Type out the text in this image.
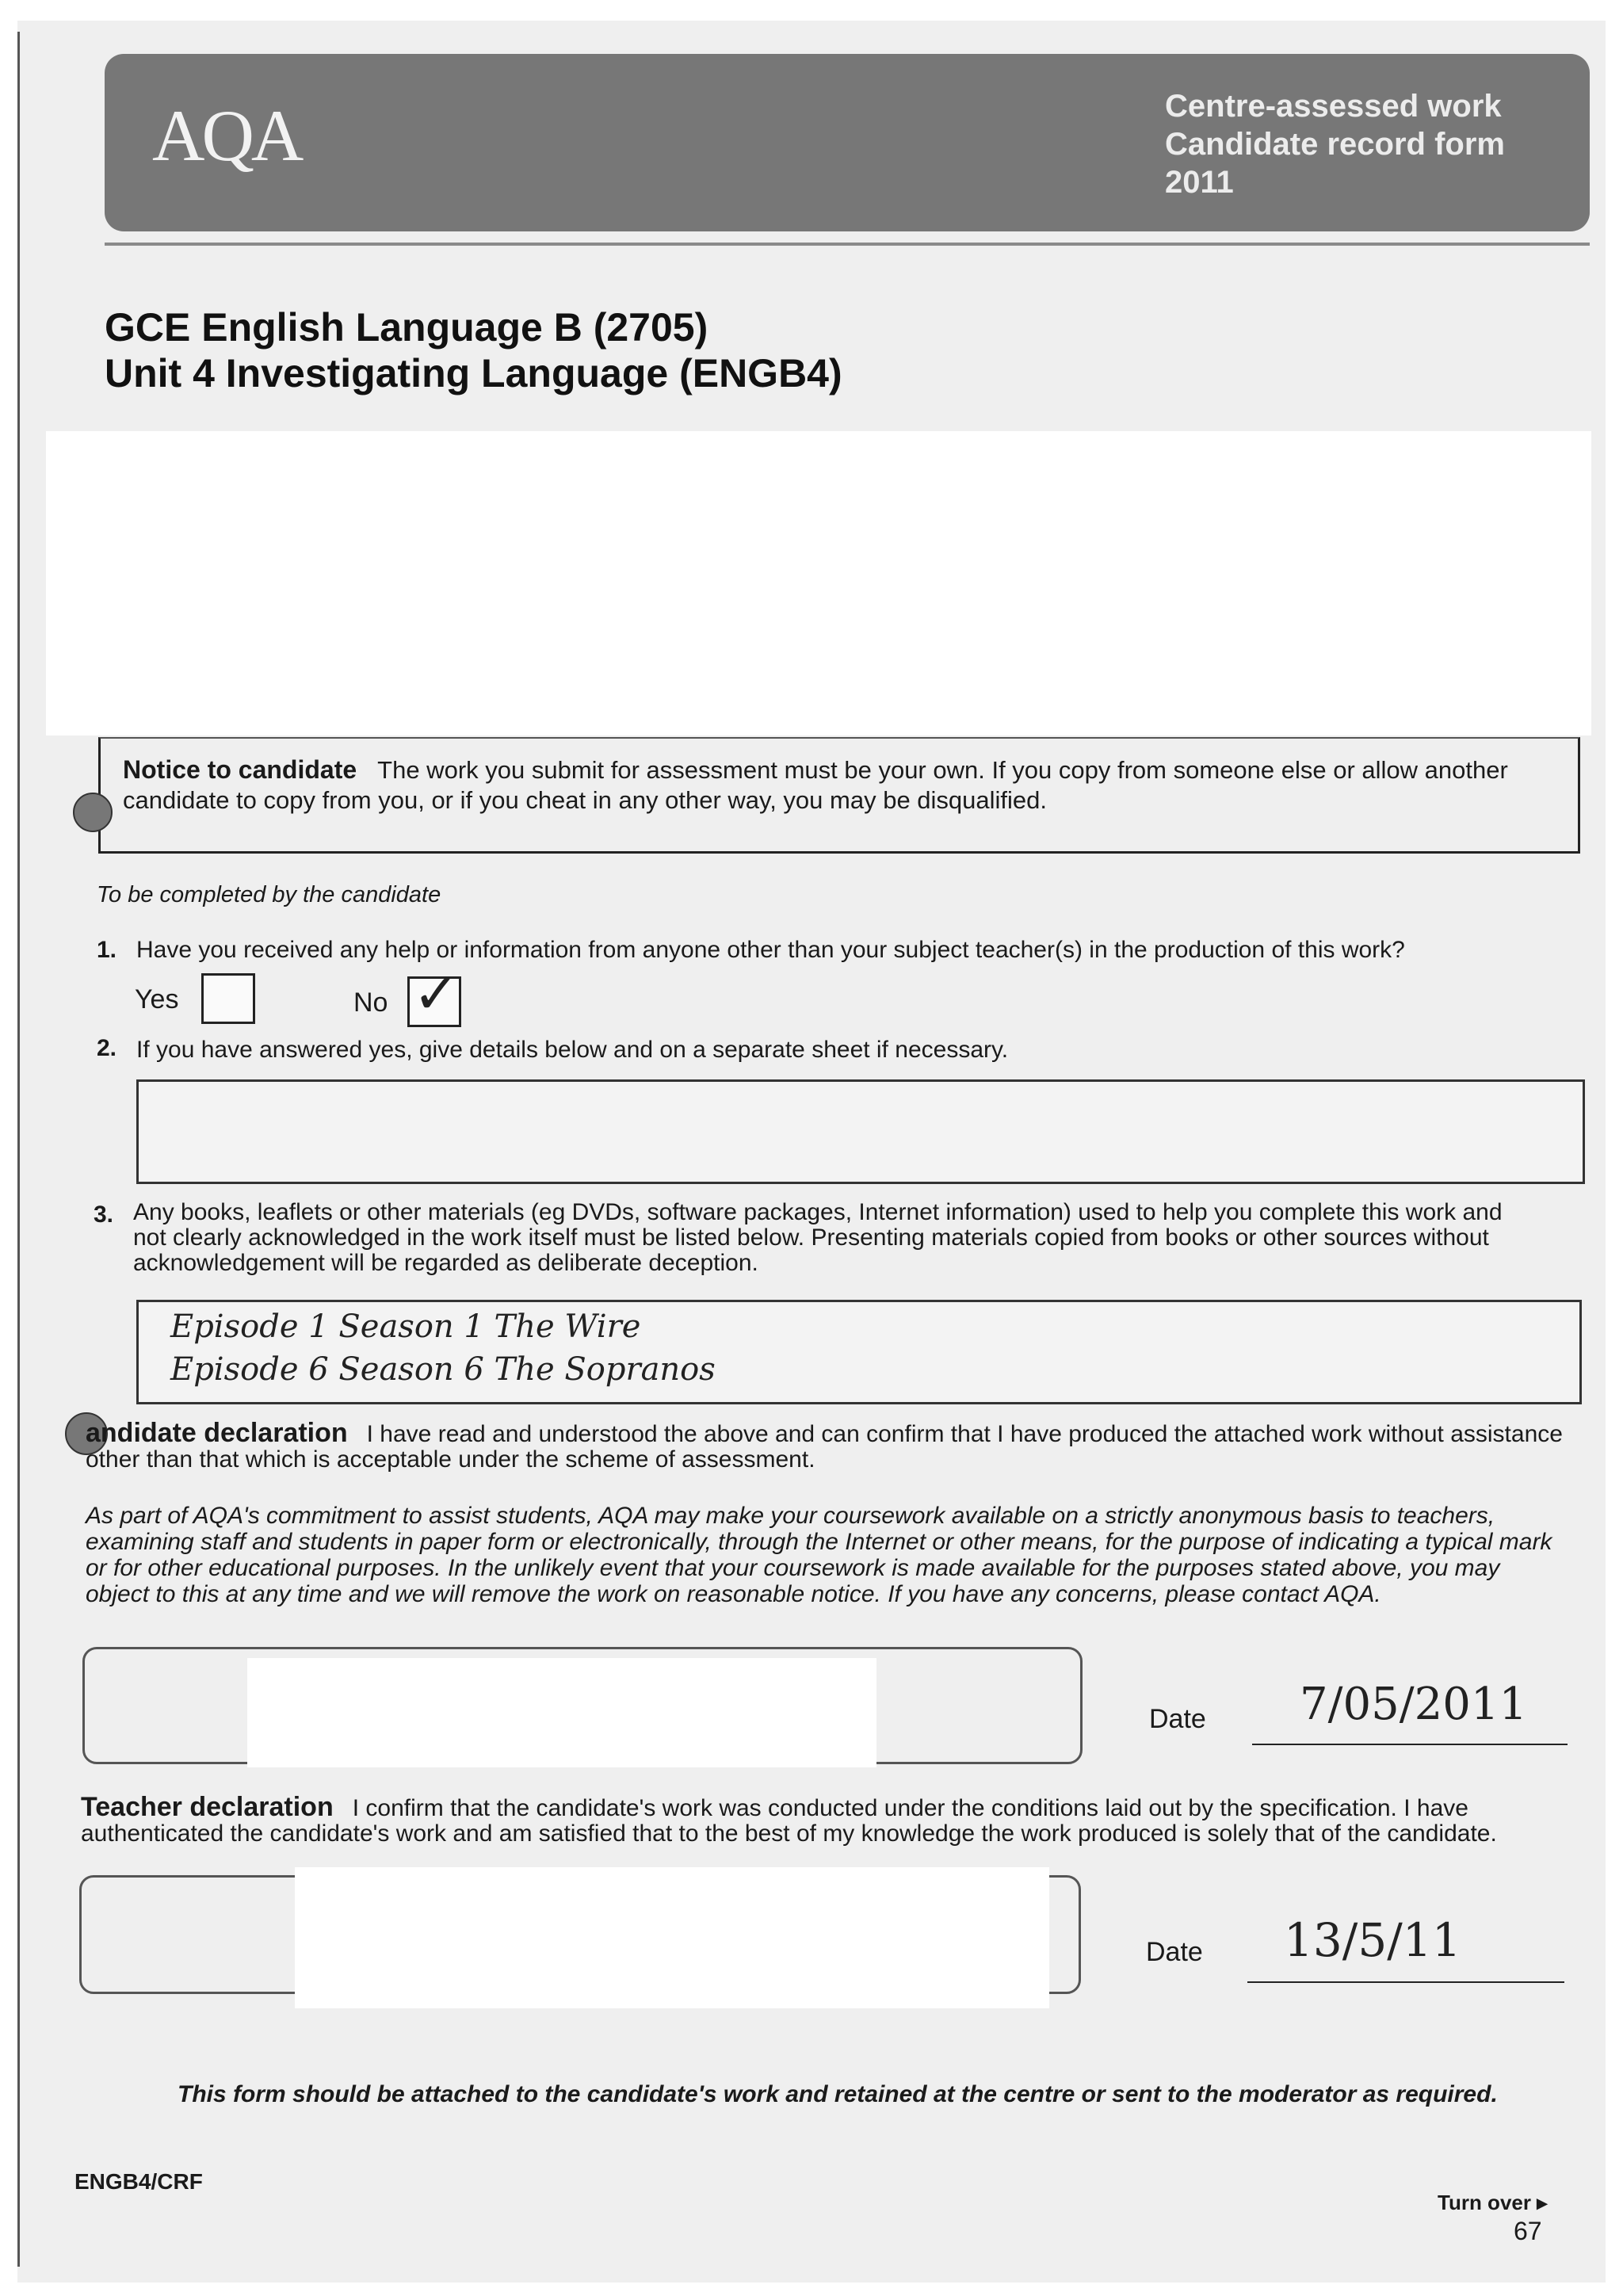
AQA	Centre-assessed work
Candidate record form
2011
GCE English Language B (2705)
Unit 4 Investigating Language (ENGB4)
Notice to candidate The work you submit for assessment must be your own. If you copy from someone else or allow another candidate to copy from you, or if you cheat in any other way, you may be disqualified.
To be completed by the candidate
1. Have you received any help or information from anyone other than your subject teacher(s) in the production of this work?
Yes	No ✓
2. If you have answered yes, give details below and on a separate sheet if necessary.
3. Any books, leaflets or other materials (eg DVDs, software packages, Internet information) used to help you complete this work and not clearly acknowledged in the work itself must be listed below. Presenting materials copied from books or other sources without acknowledgement will be regarded as deliberate deception.
Episode 1 Season 1 The Wire
Episode 6 Season 6 The Sopranos
andidate declaration I have read and understood the above and can confirm that I have produced the attached work without assistance other than that which is acceptable under the scheme of assessment.
As part of AQA's commitment to assist students, AQA may make your coursework available on a strictly anonymous basis to teachers, examining staff and students in paper form or electronically, through the Internet or other means, for the purpose of indicating a typical mark or for other educational purposes. In the unlikely event that your coursework is made available for the purposes stated above, you may object to this at any time and we will remove the work on reasonable notice. If you have any concerns, please contact AQA.
Date 7/05/2011
Teacher declaration I confirm that the candidate's work was conducted under the conditions laid out by the specification. I have authenticated the candidate's work and am satisfied that to the best of my knowledge the work produced is solely that of the candidate.
Date 13/5/11
This form should be attached to the candidate's work and retained at the centre or sent to the moderator as required.
ENGB4/CRF
Turn over ▸
67
